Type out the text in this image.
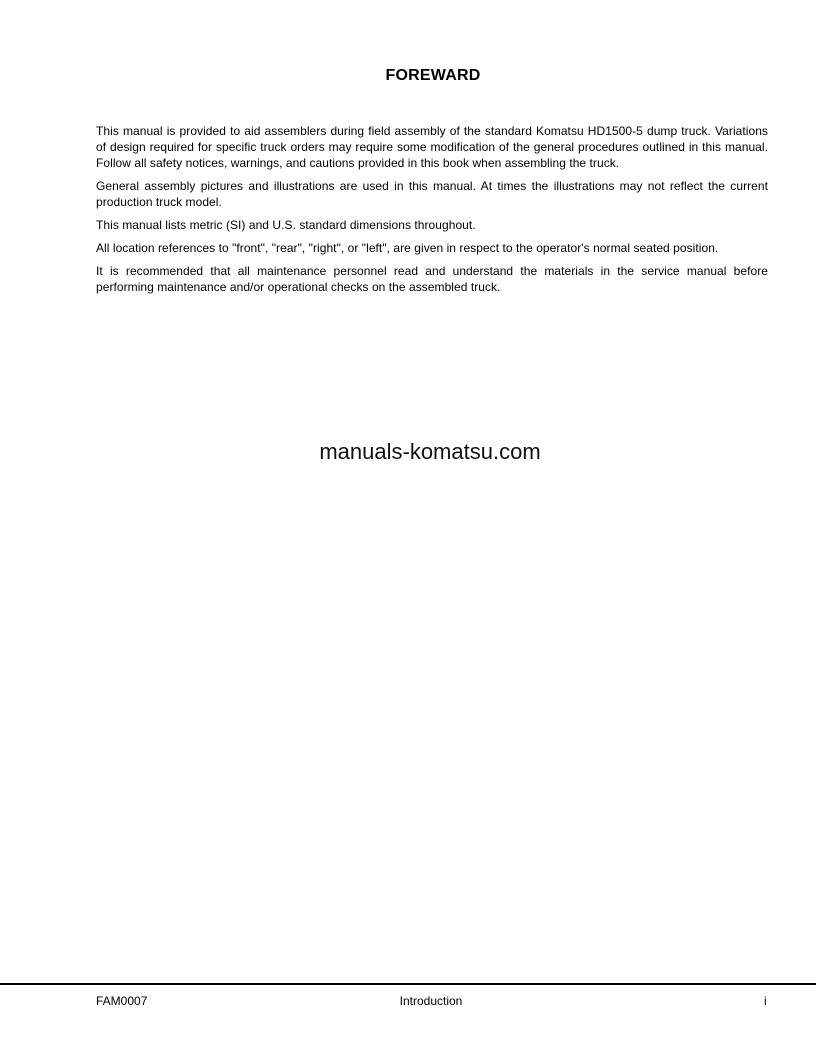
FOREWARD

This manual is provided to aid assemblers during field assembly of the standard Komatsu HD1500-5 dump truck. Variations of design required for specific truck orders may require some modification of the general procedures outlined in this manual. Follow all safety notices, warnings, and cautions provided in this book when assembling the truck.

General assembly pictures and illustrations are used in this manual. At times the illustrations may not reflect the current production truck model.

This manual lists metric (SI) and U.S. standard dimensions throughout.

All location references to "front", "rear", "right", or "left", are given in respect to the operator's normal seated position.

It is recommended that all maintenance personnel read and understand the materials in the service manual before performing maintenance and/or operational checks on the assembled truck.

manuals-komatsu.com
FAM0007	Introduction	i
